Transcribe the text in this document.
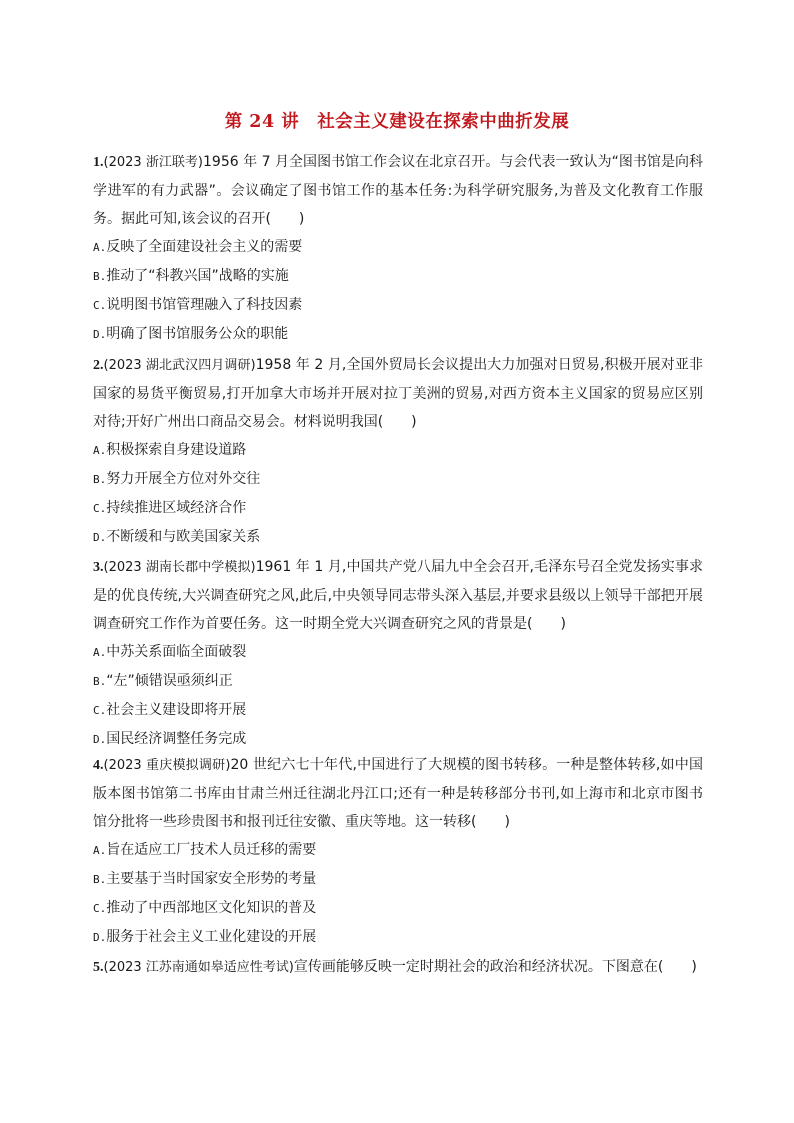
第 24 讲　社会主义建设在探索中曲折发展
1.(2023 浙江联考)1956 年 7 月全国图书馆工作会议在北京召开。与会代表一致认为“图书馆是向科学进军的有力武器”。会议确定了图书馆工作的基本任务:为科学研究服务,为普及文化教育工作服务。据此可知,该会议的召开(　　)
A.反映了全面建设社会主义的需要
B.推动了“科教兴国”战略的实施
C.说明图书馆管理融入了科技因素
D.明确了图书馆服务公众的职能
2.(2023 湖北武汉四月调研)1958 年 2 月,全国外贸局长会议提出大力加强对日贸易,积极开展对亚非国家的易货平衡贸易,打开加拿大市场并开展对拉丁美洲的贸易,对西方资本主义国家的贸易应区别对待;开好广州出口商品交易会。材料说明我国(　　)
A.积极探索自身建设道路
B.努力开展全方位对外交往
C.持续推进区域经济合作
D.不断缓和与欧美国家关系
3.(2023 湖南长郡中学模拟)1961 年 1 月,中国共产党八届九中全会召开,毛泽东号召全党发扬实事求是的优良传统,大兴调查研究之风,此后,中央领导同志带头深入基层,并要求县级以上领导干部把开展调查研究工作作为首要任务。这一时期全党大兴调查研究之风的背景是(　　)
A.中苏关系面临全面破裂
B.“左”倾错误亟须纠正
C.社会主义建设即将开展
D.国民经济调整任务完成
4.(2023 重庆模拟调研)20 世纪六七十年代,中国进行了大规模的图书转移。一种是整体转移,如中国版本图书馆第二书库由甘肃兰州迁往湖北丹江口;还有一种是转移部分书刊,如上海市和北京市图书馆分批将一些珍贵图书和报刊迁往安徽、重庆等地。这一转移(　　)
A.旨在适应工厂技术人员迁移的需要
B.主要基于当时国家安全形势的考量
C.推动了中西部地区文化知识的普及
D.服务于社会主义工业化建设的开展
5.(2023 江苏南通如皋适应性考试)宣传画能够反映一定时期社会的政治和经济状况。下图意在(　　)
